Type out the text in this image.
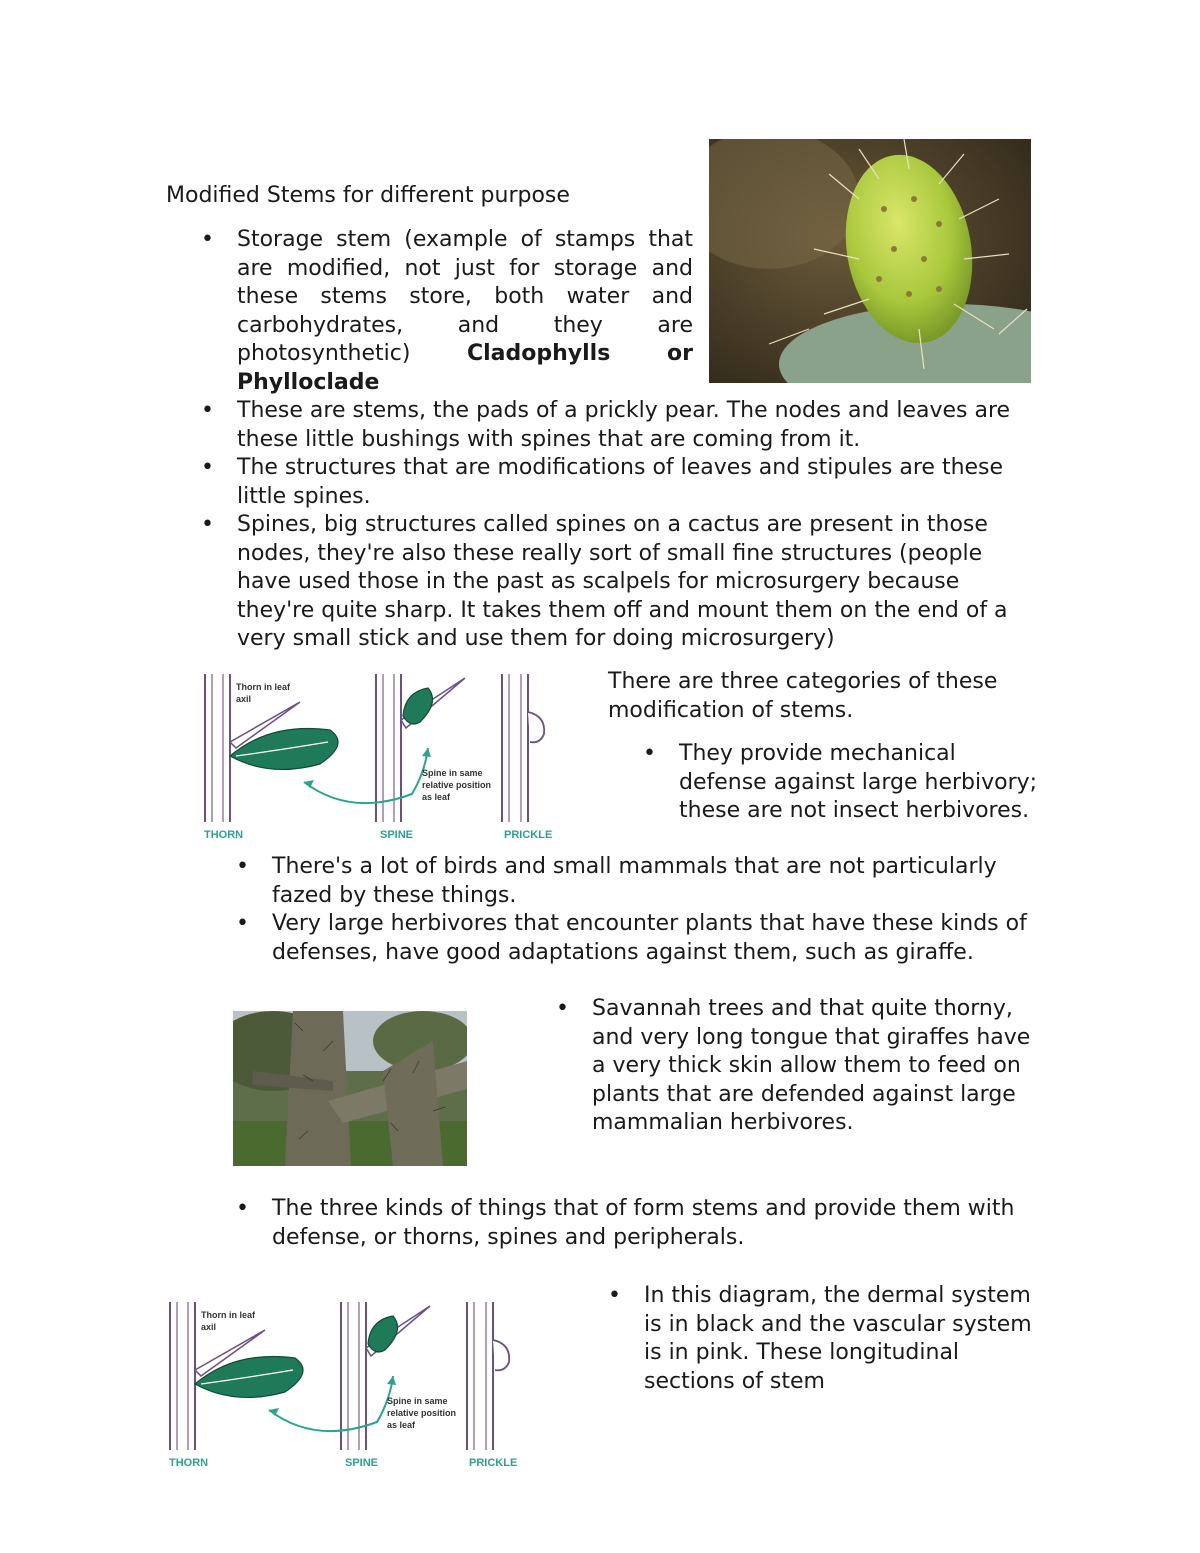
Modified Stems for different purpose
• Storage stem (example of stamps that
are modified, not just for storage and
these stems store, both water and
carbohydrates, and they are
photosynthetic)	Cladophylls or
Phylloclade
• These are stems, the pads of a prickly pear. The nodes and leaves are these little bushings with spines that are coming from it.
• The structures that are modifications of leaves and stipules are these little spines.
• Spines, big structures called spines on a cactus are present in those nodes, they're also these really sort of small fine structures (people have used those in the past as scalpels for microsurgery because they're quite sharp. It takes them off and mount them on the end of a very small stick and use them for doing microsurgery)
Thorn in leaf
axil
Spine in same
relative position
as leaf
THORN	SPINE	PRICKLE
There are three categories of these modification of stems.
• They provide mechanical defense against large herbivory; these are not insect herbivores.
• There's a lot of birds and small mammals that are not particularly fazed by these things.
• Very large herbivores that encounter plants that have these kinds of defenses, have good adaptations against them, such as giraffe.
• Savannah trees and that quite thorny, and very long tongue that giraffes have a very thick skin allow them to feed on plants that are defended against large mammalian herbivores.
• The three kinds of things that of form stems and provide them with defense, or thorns, spines and peripherals.
Thorn in leaf
axil
Spine in same
relative position
as leaf
THORN	SPINE	PRICKLE
• In this diagram, the dermal system is in black and the vascular system is in pink. These longitudinal sections of stem
